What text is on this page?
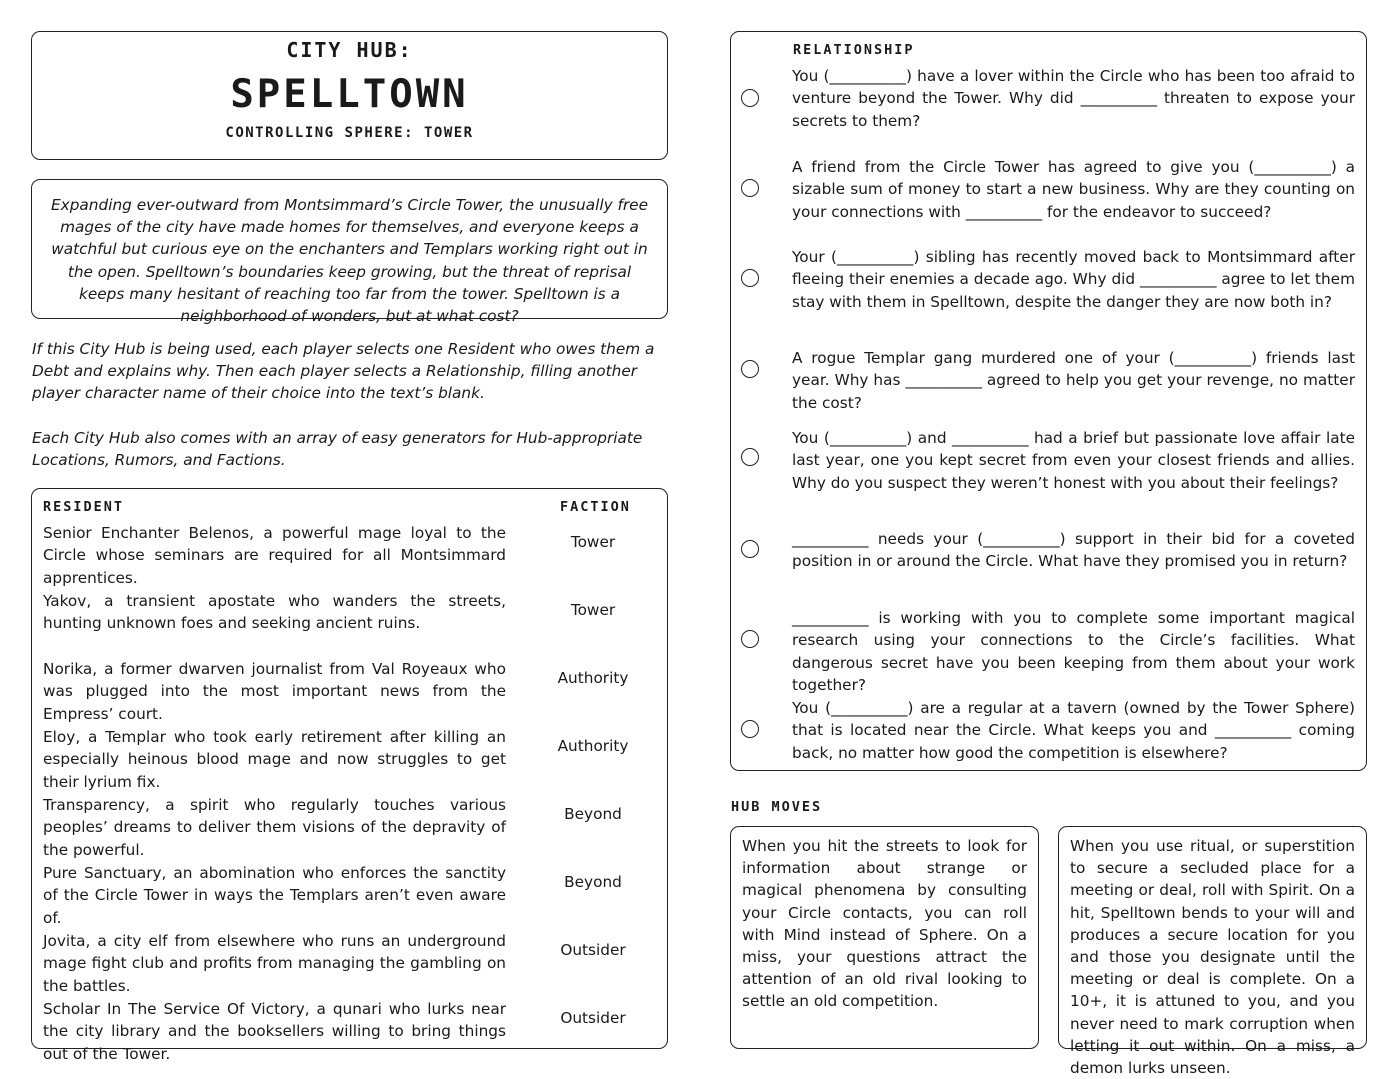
CITY HUB:
SPELLTOWN
CONTROLLING SPHERE: TOWER

Expanding ever-outward from Montsimmard’s Circle Tower, the unusually free mages of the city have made homes for themselves, and everyone keeps a watchful but curious eye on the enchanters and Templars working right out in the open. Spelltown’s boundaries keep growing, but the threat of reprisal keeps many hesitant of reaching too far from the tower. Spelltown is a neighborhood of wonders, but at what cost?

If this City Hub is being used, each player selects one Resident who owes them a Debt and explains why. Then each player selects a Relationship, filling another player character name of their choice into the text’s blank.

Each City Hub also comes with an array of easy generators for Hub-appropriate Locations, Rumors, and Factions.

RESIDENT	FACTION

Senior Enchanter Belenos, a powerful mage loyal to the Circle whose seminars are required for all Montsimmard apprentices.

Tower

Yakov, a transient apostate who wanders the streets, hunting unknown foes and seeking ancient ruins.

Tower

Norika, a former dwarven journalist from Val Royeaux who was plugged into the most important news from the Empress’ court.

Authority

Eloy, a Templar who took early retirement after killing an especially heinous blood mage and now struggles to get their lyrium fix.

Authority

Transparency, a spirit who regularly touches various peoples’ dreams to deliver them visions of the depravity of the powerful.

Beyond

Pure Sanctuary, an abomination who enforces the sanctity of the Circle Tower in ways the Templars aren’t even aware of.

Beyond

Jovita, a city elf from elsewhere who runs an underground mage fight club and profits from managing the gambling on the battles.

Outsider

Scholar In The Service Of Victory, a qunari who lurks near the city library and the booksellers willing to bring things out of the Tower.

Outsider
RELATIONSHIP

You (__________) have a lover within the Circle who has been too afraid to venture beyond the Tower. Why did __________ threaten to expose your secrets to them?

A friend from the Circle Tower has agreed to give you (__________) a sizable sum of money to start a new business. Why are they counting on your connections with __________ for the endeavor to succeed?

Your (__________) sibling has recently moved back to Montsimmard after fleeing their enemies a decade ago. Why did __________ agree to let them stay with them in Spelltown, despite the danger they are now both in?

A rogue Templar gang murdered one of your (__________) friends last year. Why has __________ agreed to help you get your revenge, no matter the cost?

You (__________) and __________ had a brief but passionate love affair late last year, one you kept secret from even your closest friends and allies. Why do you suspect they weren’t honest with you about their feelings?

__________ needs your (__________) support in their bid for a coveted position in or around the Circle. What have they promised you in return?

__________ is working with you to complete some important magical research using your connections to the Circle’s facilities. What dangerous secret have you been keeping from them about your work together?

You (__________) are a regular at a tavern (owned by the Tower Sphere) that is located near the Circle. What keeps you and __________ coming back, no matter how good the competition is elsewhere?

HUB MOVES

When you hit the streets to look for information about strange or magical phenomena by consulting your Circle contacts, you can roll with Mind instead of Sphere. On a miss, your questions attract the attention of an old rival looking to settle an old competition.

When you use ritual, or superstition to secure a secluded place for a meeting or deal, roll with Spirit. On a hit, Spelltown bends to your will and produces a secure location for you and those you designate until the meeting or deal is complete. On a 10+, it is attuned to you, and you never need to mark corruption when letting it out within. On a miss, a demon lurks unseen.
